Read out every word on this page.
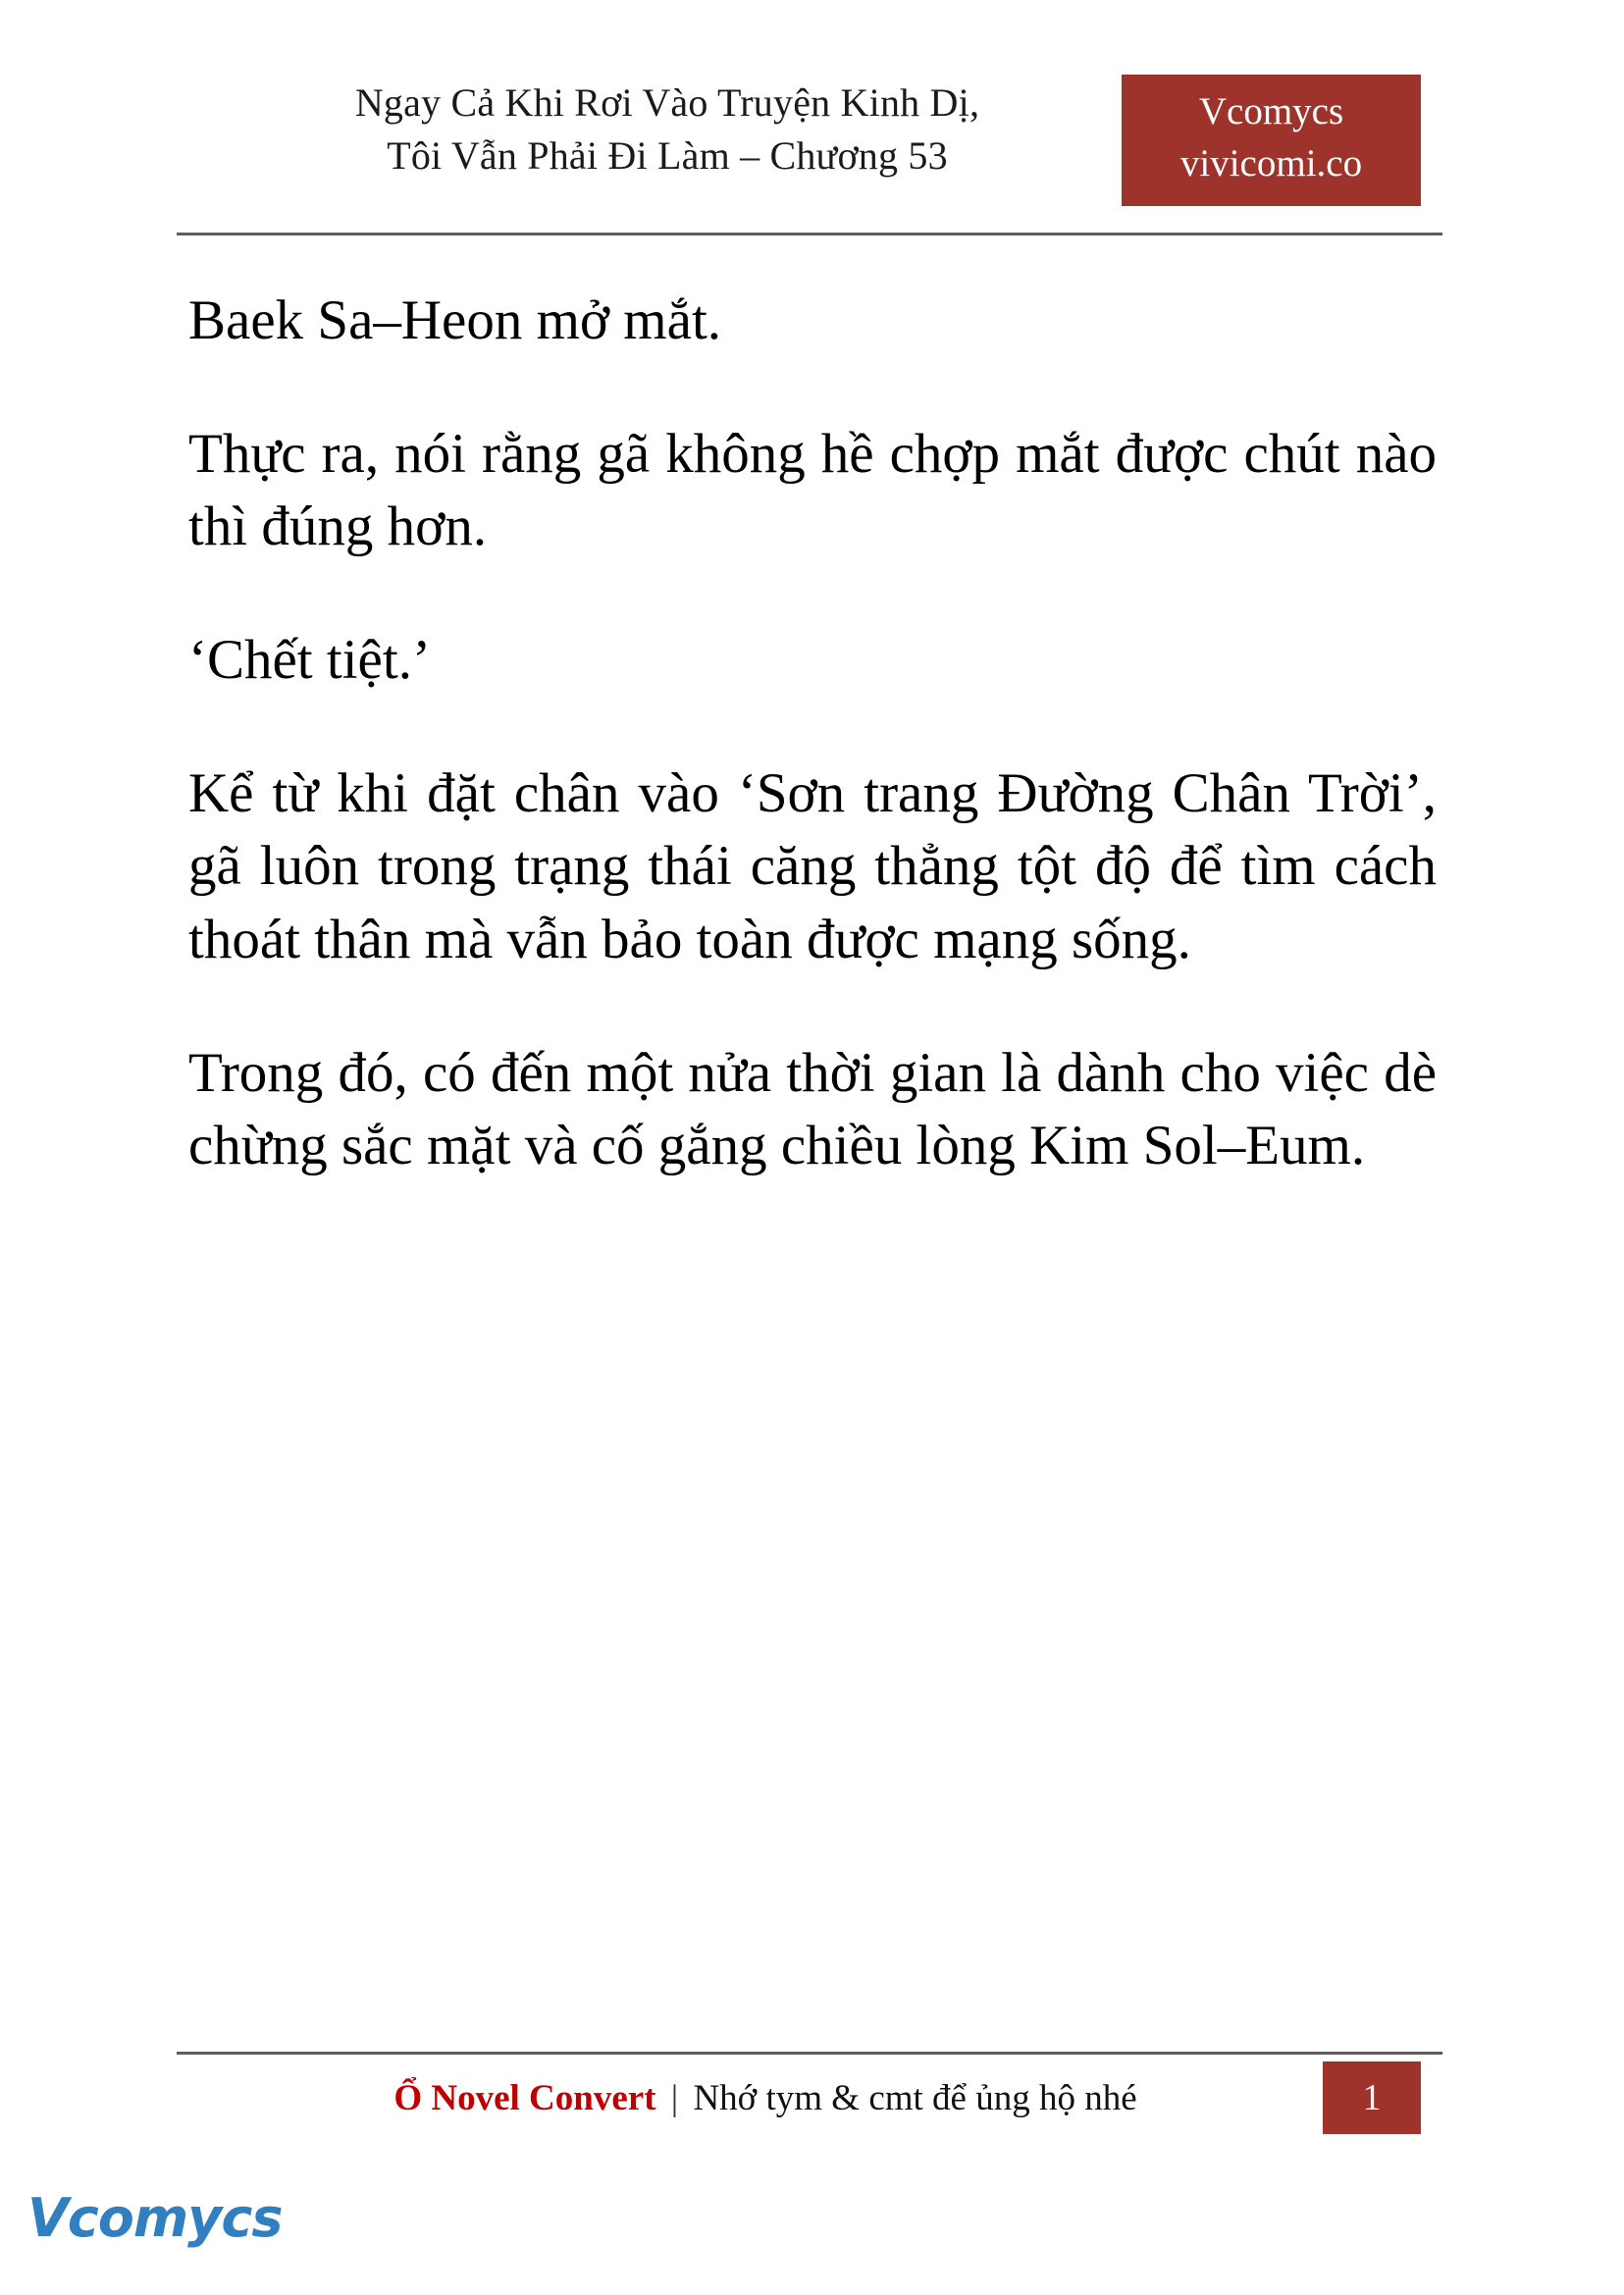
Ngay Cả Khi Rơi Vào Truyện Kinh Dị,
Tôi Vẫn Phải Đi Làm – Chương 53
Vcomycs
vivicomi.co

Baek Sa–Heon mở mắt.

Thực ra, nói rằng gã không hề chợp mắt được chút nào thì đúng hơn.

‘Chết tiệt.’

Kể từ khi đặt chân vào ‘Sơn trang Đường Chân Trời’, gã luôn trong trạng thái căng thẳng tột độ để tìm cách thoát thân mà vẫn bảo toàn được mạng sống.

Trong đó, có đến một nửa thời gian là dành cho việc dè chừng sắc mặt và cố gắng chiều lòng Kim Sol–Eum.

Ổ Novel Convert | Nhớ tym & cmt để ủng hộ nhé	1
Vcomycs
